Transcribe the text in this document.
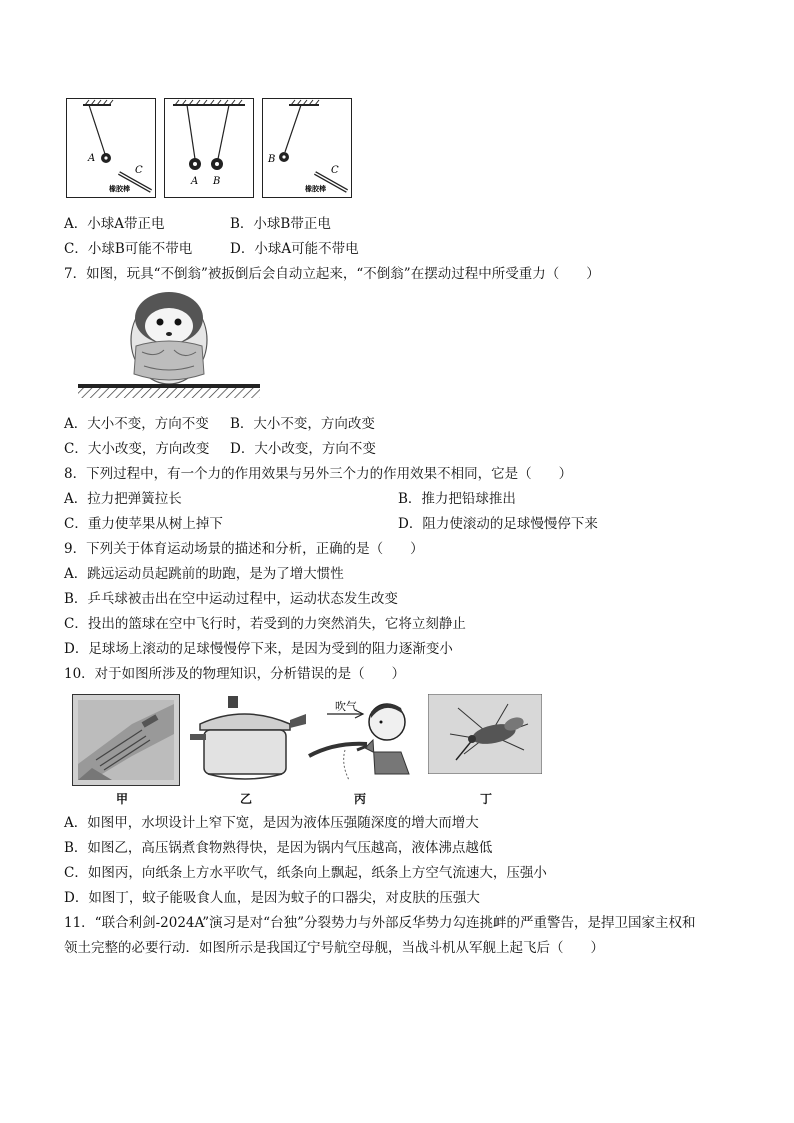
A
C
橡胶棒
A B
B
C
橡胶棒
A．小球A带正电	B．小球B带正电
C．小球B可能不带电	D．小球A可能不带电
7．如图，玩具“不倒翁”被扳倒后会自动立起来，“不倒翁”在摆动过程中所受重力（　　）
A．大小不变，方向不变 B．大小不变，方向改变
C．大小改变，方向改变 D．大小改变，方向不变
8．下列过程中，有一个力的作用效果与另外三个力的作用效果不相同，它是（　　）
A．拉力把弹簧拉长	B．推力把铅球推出
C．重力使苹果从树上掉下	D．阻力使滚动的足球慢慢停下来
9．下列关于体育运动场景的描述和分析，正确的是（　　）
A．跳远运动员起跳前的助跑，是为了增大惯性
B．乒乓球被击出在空中运动过程中，运动状态发生改变
C．投出的篮球在空中飞行时，若受到的力突然消失，它将立刻静止
D．足球场上滚动的足球慢慢停下来，是因为受到的阻力逐渐变小
10．对于如图所涉及的物理知识，分析错误的是（　　）
吹气
甲	乙	丙	丁
A．如图甲，水坝设计上窄下宽，是因为液体压强随深度的增大而增大
B．如图乙，高压锅煮食物熟得快，是因为锅内气压越高，液体沸点越低
C．如图丙，向纸条上方水平吹气，纸条向上飘起，纸条上方空气流速大，压强小
D．如图丁，蚊子能吸食人血，是因为蚊子的口器尖，对皮肤的压强大
11．“联合利剑-2024A”演习是对“台独”分裂势力与外部反华势力勾连挑衅的严重警告，是捍卫国家主权和
领土完整的必要行动．如图所示是我国辽宁号航空母舰，当战斗机从军舰上起飞后（　　）
